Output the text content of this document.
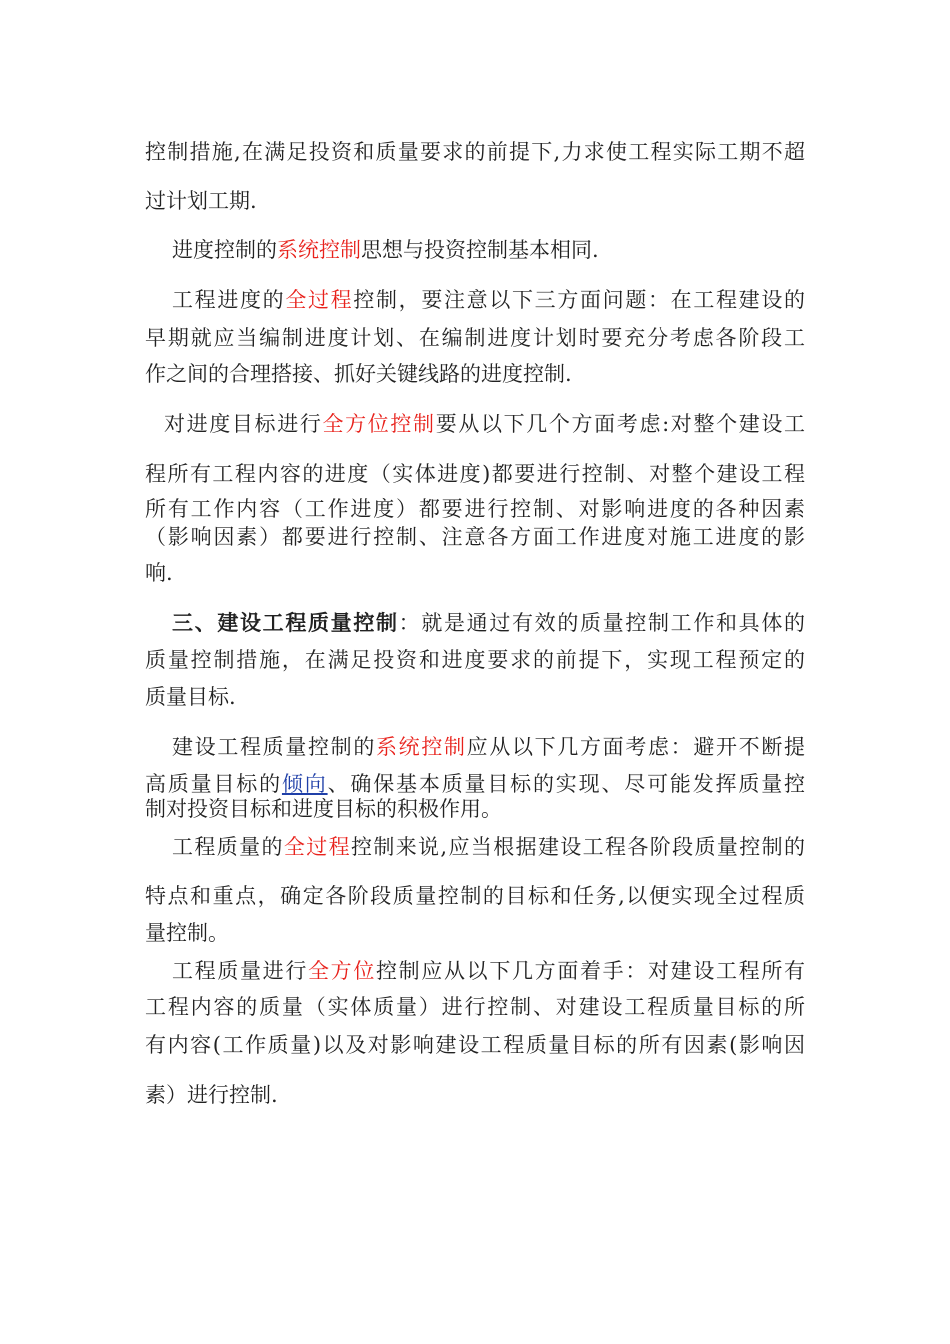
控制措施,在满足投资和质量要求的前提下,力求使工程实际工期不超

过计划工期.

进度控制的系统控制思想与投资控制基本相同.

工程进度的全过程控制，要注意以下三方面问题：在工程建设的

早期就应当编制进度计划、在编制进度计划时要充分考虑各阶段工

作之间的合理搭接、抓好关键线路的进度控制.

对进度目标进行全方位控制要从以下几个方面考虑:对整个建设工

程所有工程内容的进度（实体进度)都要进行控制、对整个建设工程

所有工作内容（工作进度）都要进行控制、对影响进度的各种因素

（影响因素）都要进行控制、注意各方面工作进度对施工进度的影

响.

三、建设工程质量控制：就是通过有效的质量控制工作和具体的

质量控制措施，在满足投资和进度要求的前提下，实现工程预定的

质量目标.

建设工程质量控制的系统控制应从以下几方面考虑：避开不断提

高质量目标的倾向、确保基本质量目标的实现、尽可能发挥质量控

制对投资目标和进度目标的积极作用。

工程质量的全过程控制来说,应当根据建设工程各阶段质量控制的

特点和重点，确定各阶段质量控制的目标和任务,以便实现全过程质

量控制。

工程质量进行全方位控制应从以下几方面着手：对建设工程所有

工程内容的质量（实体质量）进行控制、对建设工程质量目标的所

有内容(工作质量)以及对影响建设工程质量目标的所有因素(影响因

素）进行控制.
